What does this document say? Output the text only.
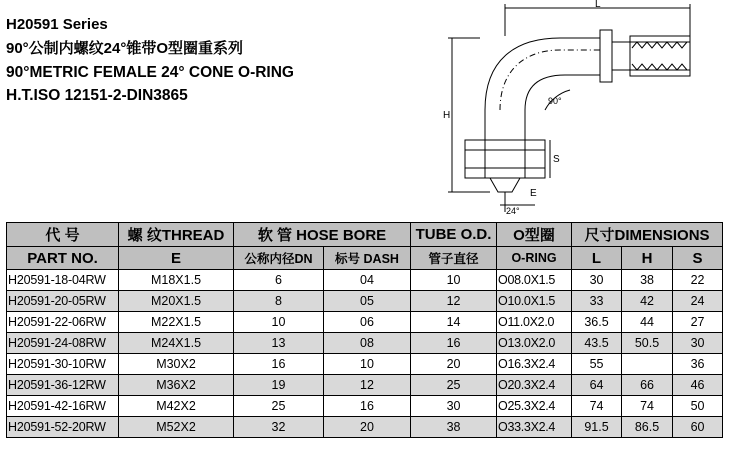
H20591 Series
90°公制内螺纹24°锥带O型圈重系列
90°METRIC FEMALE 24° CONE O-RING
H.T.ISO 12151-2-DIN3865
L
H
S
E
90°
24°
代 号	螺 纹THREAD	软 管 HOSE BORE		TUBE O.D.	O型圈	尺寸DIMENSIONS		
PART NO.	E	公称内径DN	标号 DASH	管子直径	O-RING	L	H	S
H20591-18-04RW	M18X1.5	6	04	10	O08.0X1.5	30	38	22
H20591-20-05RW	M20X1.5	8	05	12	O10.0X1.5	33	42	24
H20591-22-06RW	M22X1.5	10	06	14	O11.0X2.0	36.5	44	27
H20591-24-08RW	M24X1.5	13	08	16	O13.0X2.0	43.5	50.5	30
H20591-30-10RW	M30X2	16	10	20	O16.3X2.4	55		36
H20591-36-12RW	M36X2	19	12	25	O20.3X2.4	64	66	46
H20591-42-16RW	M42X2	25	16	30	O25.3X2.4	74	74	50
H20591-52-20RW	M52X2	32	20	38	O33.3X2.4	91.5	86.5	60
